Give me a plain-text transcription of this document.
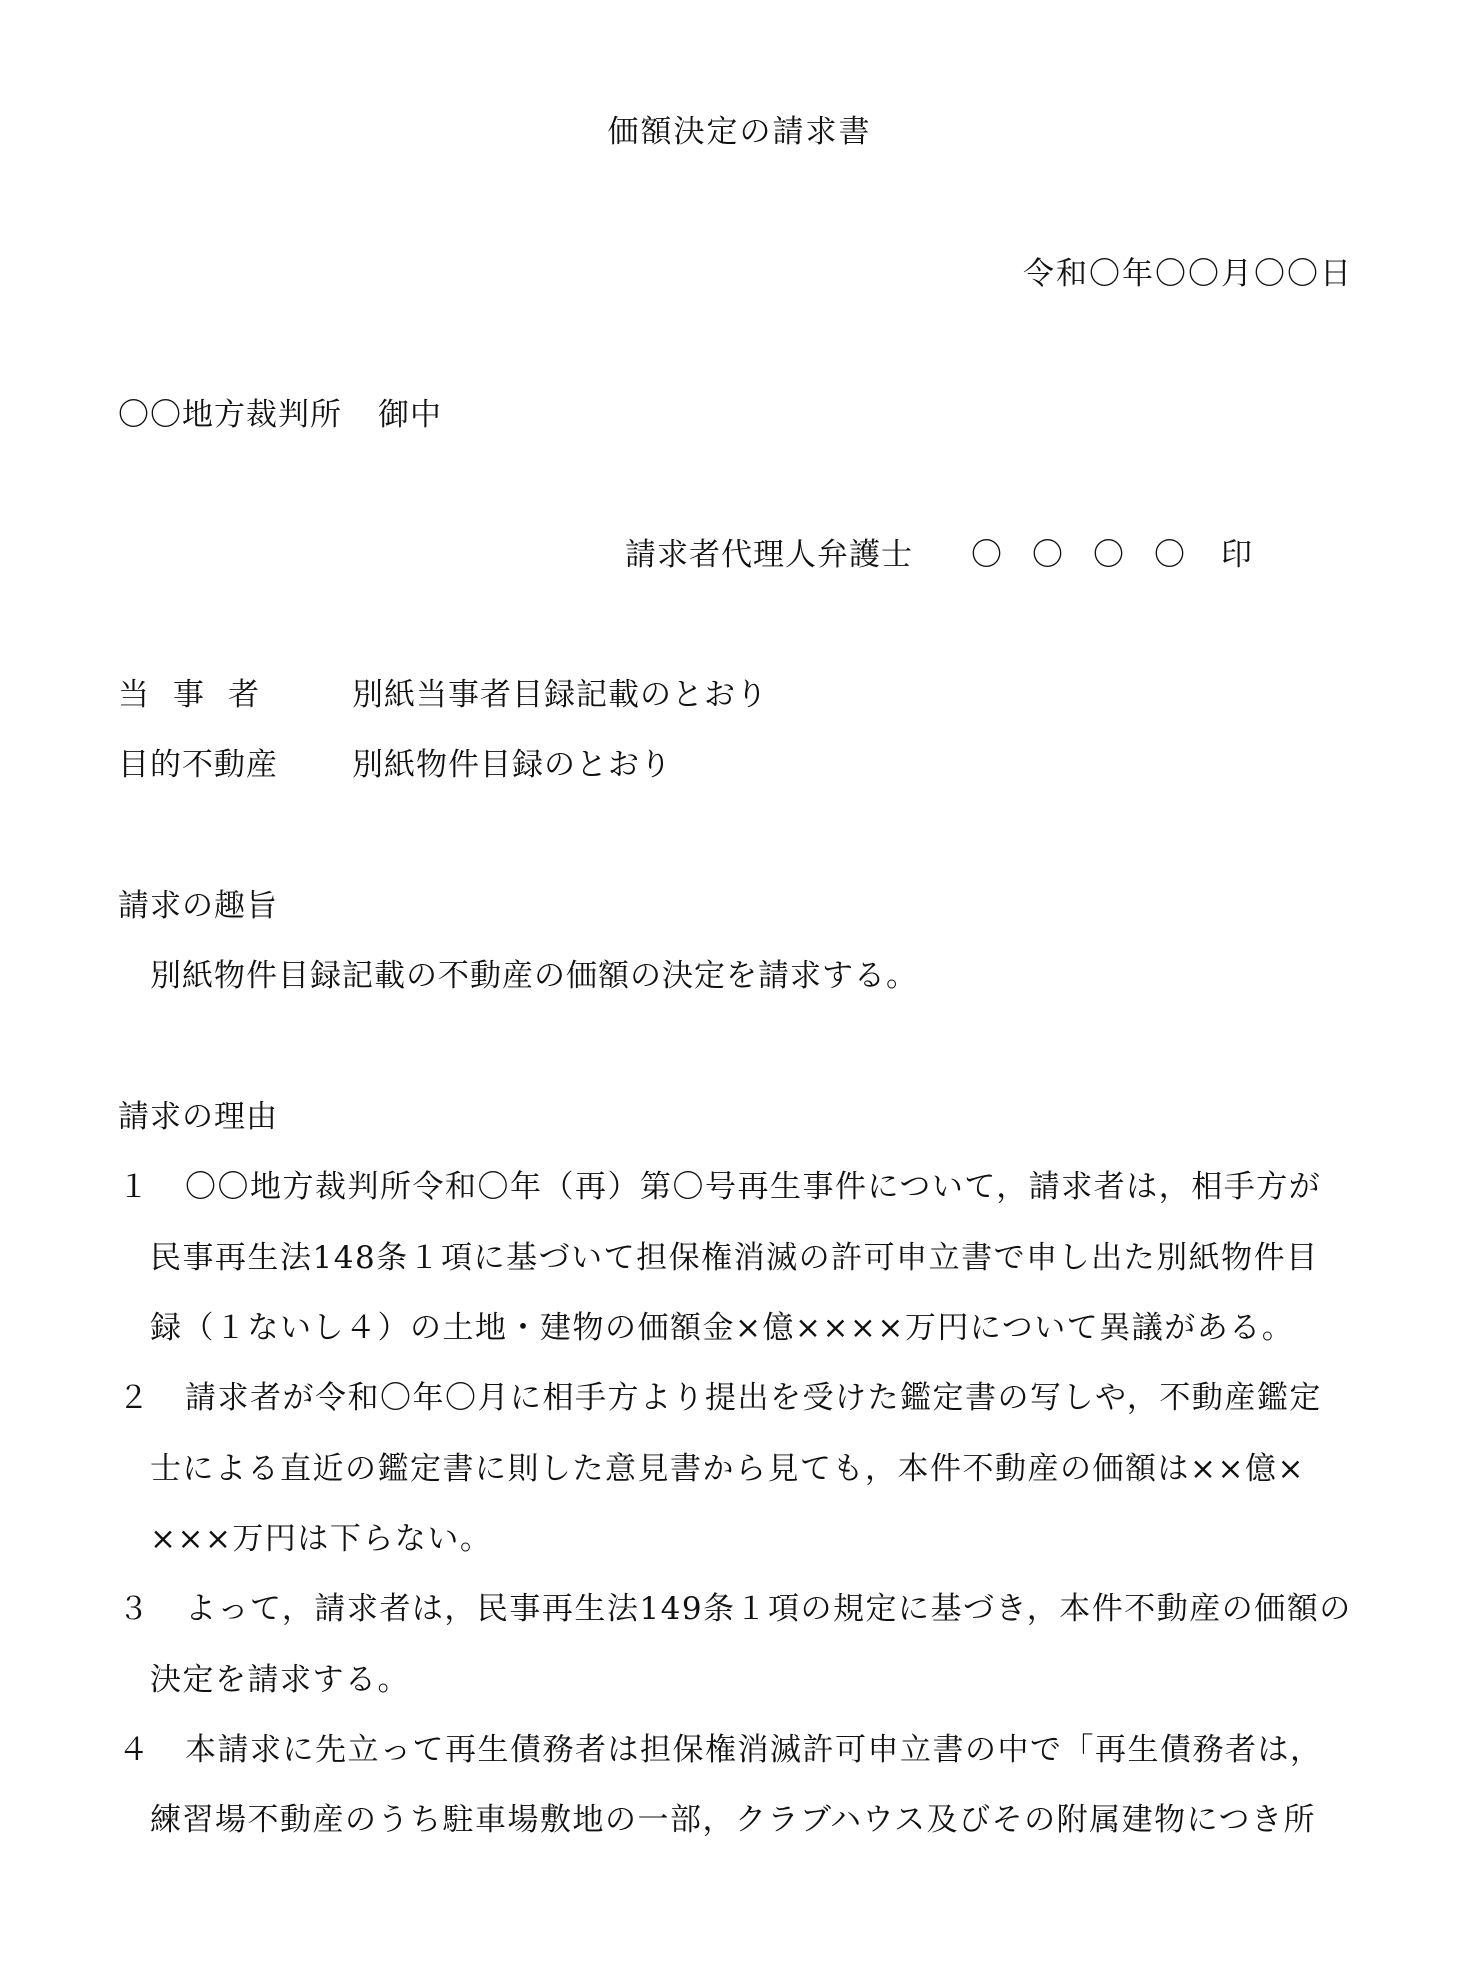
価額決定の請求書
令和〇年〇〇月〇〇日
〇〇地方裁判所 御中
請求者代理人弁護士 〇〇〇〇 印
当事者 別紙当事者目録記載のとおり
目的不動産 別紙物件目録のとおり
請求の趣旨
別紙物件目録記載の不動産の価額の決定を請求する。
請求の理由
１ 〇〇地方裁判所令和〇年（再）第〇号再生事件について，請求者は，相手方が
民事再生法148条１項に基づいて担保権消滅の許可申立書で申し出た別紙物件目
録（１ないし４）の土地・建物の価額金×億××××万円について異議がある。
２ 請求者が令和〇年〇月に相手方より提出を受けた鑑定書の写しや，不動産鑑定
士による直近の鑑定書に則した意見書から見ても，本件不動産の価額は××億×
×××万円は下らない。
３ よって，請求者は，民事再生法149条１項の規定に基づき，本件不動産の価額の
決定を請求する。
４ 本請求に先立って再生債務者は担保権消滅許可申立書の中で「再生債務者は，
練習場不動産のうち駐車場敷地の一部，クラブハウス及びその附属建物につき所
